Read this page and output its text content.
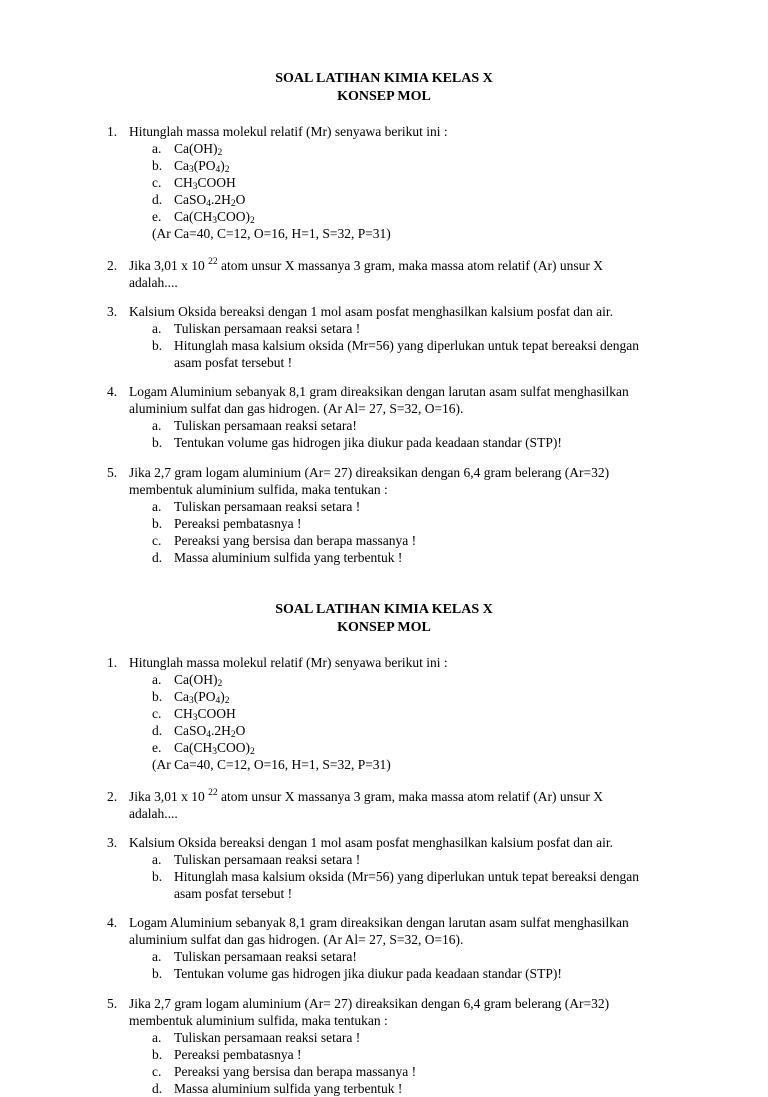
SOAL LATIHAN KIMIA KELAS X
KONSEP MOL
1. Hitunglah massa molekul relatif (Mr) senyawa berikut ini :
a. $Ca(OH)_2$
b. $Ca_3(PO_4)_2$
c. $CH_3COOH$
d. $CaSO_4.2H_2O$
e. $Ca(CH_3COO)_2$
(Ar Ca=40, C=12, O=16, H=1, S=32, P=31)
2. Jika 3,01 x 10 $^{22}$ atom unsur X massanya 3 gram, maka massa atom relatif (Ar) unsur X
adalah....
3. Kalsium Oksida bereaksi dengan 1 mol asam posfat menghasilkan kalsium posfat dan air.
a. Tuliskan persamaan reaksi setara !
b. Hitunglah masa kalsium oksida (Mr=56) yang diperlukan untuk tepat bereaksi dengan
asam posfat tersebut !
4. Logam Aluminium sebanyak 8,1 gram direaksikan dengan larutan asam sulfat menghasilkan
aluminium sulfat dan gas hidrogen. (Ar Al= 27, S=32, O=16).
a. Tuliskan persamaan reaksi setara!
b. Tentukan volume gas hidrogen jika diukur pada keadaan standar (STP)!
5. Jika 2,7 gram logam aluminium (Ar= 27) direaksikan dengan 6,4 gram belerang (Ar=32)
membentuk aluminium sulfida, maka tentukan :
a. Tuliskan persamaan reaksi setara !
b. Pereaksi pembatasnya !
c. Pereaksi yang bersisa dan berapa massanya !
d. Massa aluminium sulfida yang terbentuk !
SOAL LATIHAN KIMIA KELAS X
KONSEP MOL
1. Hitunglah massa molekul relatif (Mr) senyawa berikut ini :
a. $Ca(OH)_2$
b. $Ca_3(PO_4)_2$
c. $CH_3COOH$
d. $CaSO_4.2H_2O$
e. $Ca(CH_3COO)_2$
(Ar Ca=40, C=12, O=16, H=1, S=32, P=31)
2. Jika 3,01 x 10 $^{22}$ atom unsur X massanya 3 gram, maka massa atom relatif (Ar) unsur X
adalah....
3. Kalsium Oksida bereaksi dengan 1 mol asam posfat menghasilkan kalsium posfat dan air.
a. Tuliskan persamaan reaksi setara !
b. Hitunglah masa kalsium oksida (Mr=56) yang diperlukan untuk tepat bereaksi dengan
asam posfat tersebut !
4. Logam Aluminium sebanyak 8,1 gram direaksikan dengan larutan asam sulfat menghasilkan
aluminium sulfat dan gas hidrogen. (Ar Al= 27, S=32, O=16).
a. Tuliskan persamaan reaksi setara!
b. Tentukan volume gas hidrogen jika diukur pada keadaan standar (STP)!
5. Jika 2,7 gram logam aluminium (Ar= 27) direaksikan dengan 6,4 gram belerang (Ar=32)
membentuk aluminium sulfida, maka tentukan :
a. Tuliskan persamaan reaksi setara !
b. Pereaksi pembatasnya !
c. Pereaksi yang bersisa dan berapa massanya !
d. Massa aluminium sulfida yang terbentuk !
